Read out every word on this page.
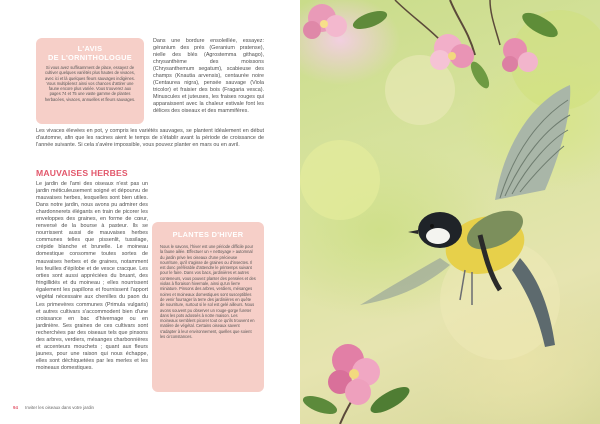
L'AVIS
DE L'ORNITHOLOGUE
Si vous avez suffisamment de place, essayez de cultiver quelques variétés plus hautes de vivaces, avec ici et là quelques fleurs sauvages indigènes. Vous multiplierez ainsi vos chances d'attirer une faune encore plus variée. Vous trouverez aux pages 74 et 75 une vaste gamme de plantes herbacées, vivaces, annuelles et fleurs sauvages.
Dans une bordure ensoleillée, essayez: géranium des prés (Geranium pratense), nielle des blés (Agrostemma githago), chrysanthème des moissons (Chrysanthemum segatum), scabieuse des champs (Knautia arvensis), centaurée noire (Centaurea nigra), pensée sauvage (Viola tricolor) et fraisier des bois (Fragaria vesca). Minuscules et juteuses, les fraises rouges qui apparaissent avec la chaleur estivale font les délices des oiseaux et des mammifères.
Les vivaces élevées en pot, y compris les variétés sauvages, se plantent idéalement en début d'automne, afin que les racines aient le temps de s'établir avant la période de croissance de l'année suivante. Si cela s'avère impossible, vous pouvez planter en mars ou en avril.
MAUVAISES HERBES
Le jardin de l'ami des oiseaux n'est pas un jardin méticuleusement soigné et dépourvu de mauvaises herbes, lesquelles sont bien utiles. Dans notre jardin, nous avons pu admirer des chardonnerets élégants en train de picorer les enveloppes des graines, en forme de cœur, renversé de la bourse à pasteur. Ils se nourrissent aussi de mauvaises herbes communes telles que pissenlit, tussilage, crépide blanche et brunelle. Le moineau domestique consomme toutes sortes de mauvaises herbes et de graines, notamment les feuilles d'épilobe et de vesce cracque. Les orties sont aussi appréciées du bruant, des fringillidés et du moineau ; elles nourrissent également les papillons et fournissent l'apport végétal nécessaire aux chenilles du paon du
Les primevères communes (Primula vulgaris) et autres cultivars s'accommodent bien d'une croissance en bac d'hivernage ou en jardinière. Ses graines de ces cultivars sont recherchées par des oiseaux tels que pinsons des arbres, verdiers, mésanges charbonnières et accenteurs mouchets ; quant aux fleurs jaunes, pour une raison qui nous échappe, elles sont déchiquetées par les merles et les moineaux domestiques.
PLANTES D'HIVER
Nous le savons, l'hiver est une période difficile pour la faune ailée. Effectuer un « nettoyage » automnal du jardin prive les oiseaux d'une précieuse nourriture, qu'il s'agisse de graines ou d'insectes. Il est donc préférable d'attendre le printemps suivant pour le faire. Dans vos bacs, jardinières et autres conteneurs, vous pouvez planter des pensées et des violas à floraison hivernale, ainsi qu'un lierre miniature. Pinsons des arbres, verdiers, mésanges noires et moineaux domestiques sont susceptibles de venir fourrager la terre des jardinières en quête de nourriture, surtout si le sol est gelé ailleurs. Nous avons souvent pu observer un rouge-gorge fureter dans les pots adossés à notre maison. Les moineaux semblent picorer tout ce qu'ils trouvent en matière de végétal. Certains oiseaux savent s'adapter à leur environnement, quelles que soient les circonstances.
94 Inviter les oiseaux dans votre jardin
